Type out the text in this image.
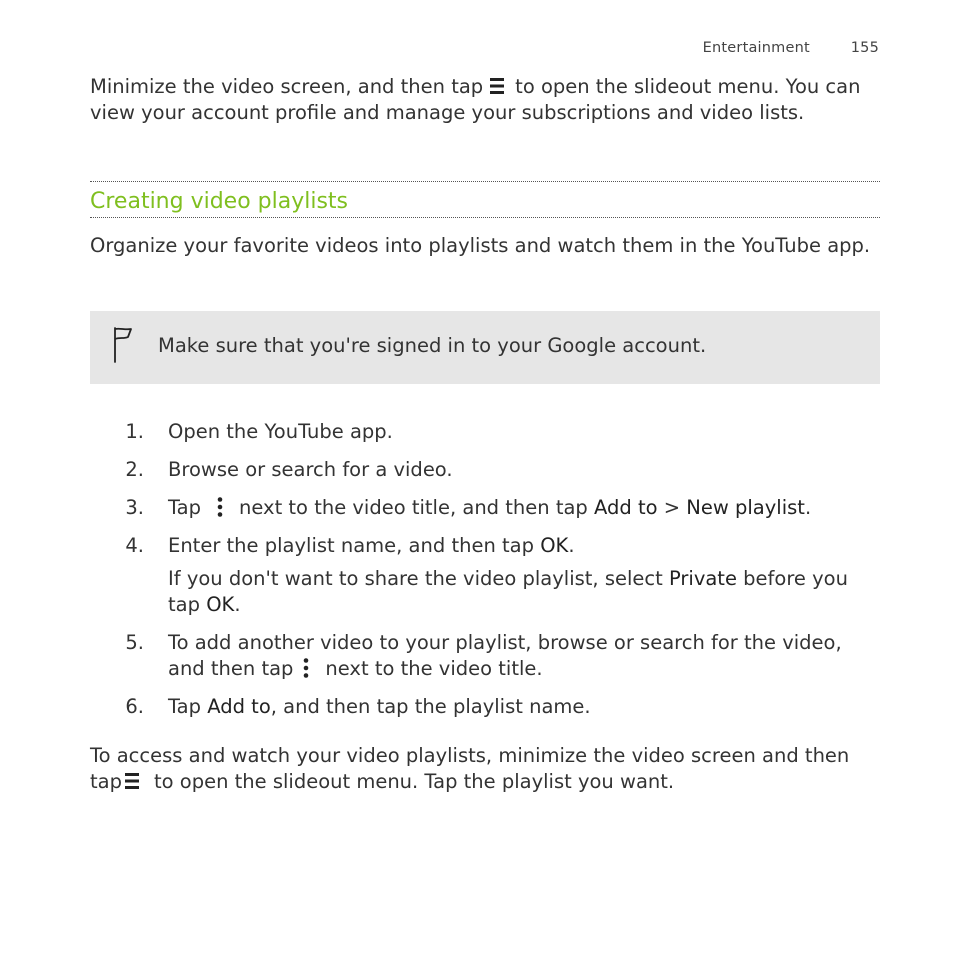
Entertainment	155
Minimize the video screen, and then tap to open the slideout menu. You can view your account profile and manage your subscriptions and video lists.
Creating video playlists
Organize your favorite videos into playlists and watch them in the YouTube app.
Make sure that you're signed in to your Google account.
1. Open the YouTube app.
2. Browse or search for a video.
3. Tap next to the video title, and then tap Add to > New playlist.
4. Enter the playlist name, and then tap OK.
If you don't want to share the video playlist, select Private before you tap OK.
5. To add another video to your playlist, browse or search for the video, and then tap next to the video title.
6. Tap Add to, and then tap the playlist name.
To access and watch your video playlists, minimize the video screen and then tap to open the slideout menu. Tap the playlist you want.
